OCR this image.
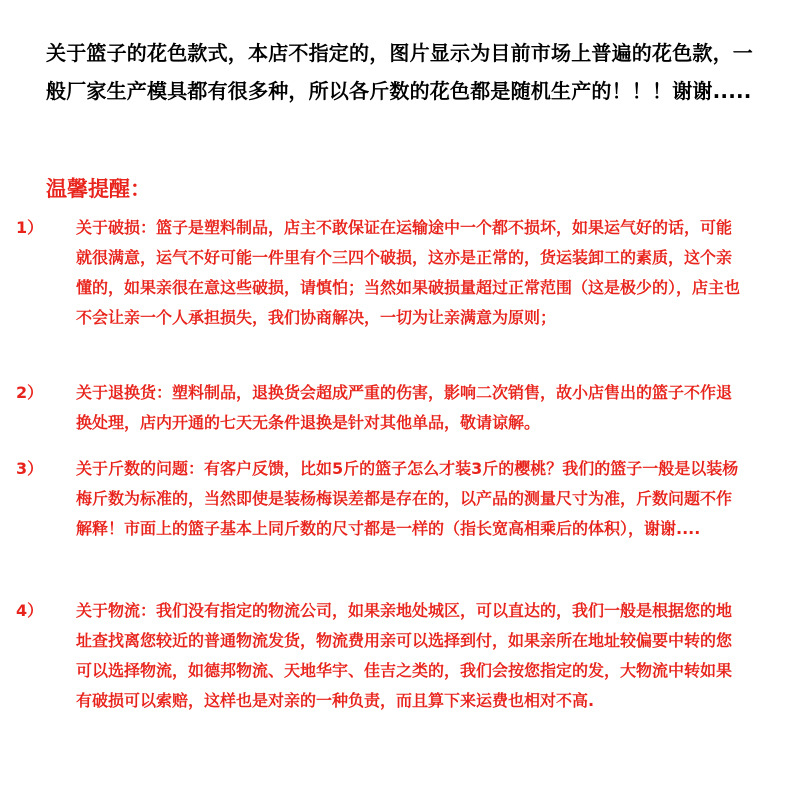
关于篮子的花色款式，本店不指定的，图片显示为目前市场上普遍的花色款，一般厂家生产模具都有很多种，所以各斤数的花色都是随机生产的！！！谢谢.....

温馨提醒：

1） 关于破损：篮子是塑料制品，店主不敢保证在运输途中一个都不损坏，如果运气好的话，可能就很满意，运气不好可能一件里有个三四个破损，这亦是正常的，货运装卸工的素质，这个亲懂的，如果亲很在意这些破损，请慎怕；当然如果破损量超过正常范围（这是极少的），店主也不会让亲一个人承担损失，我们协商解决，一切为让亲满意为原则；
2） 关于退换货：塑料制品，退换货会超成严重的伤害，影响二次销售，故小店售出的篮子不作退换处理，店内开通的七天无条件退换是针对其他单品，敬请谅解。
3） 关于斤数的问题：有客户反馈，比如5斤的篮子怎么才装3斤的樱桃？我们的篮子一般是以装杨梅斤数为标准的，当然即使是装杨梅误差都是存在的，以产品的测量尺寸为准，斤数问题不作解释！市面上的篮子基本上同斤数的尺寸都是一样的（指长宽高相乘后的体积），谢谢....
4） 关于物流：我们没有指定的物流公司，如果亲地处城区，可以直达的，我们一般是根据您的地址查找离您较近的普通物流发货，物流费用亲可以选择到付，如果亲所在地址较偏要中转的您可以选择物流，如德邦物流、天地华宇、佳吉之类的，我们会按您指定的发，大物流中转如果有破损可以索赔，这样也是对亲的一种负责，而且算下来运费也相对不高.
